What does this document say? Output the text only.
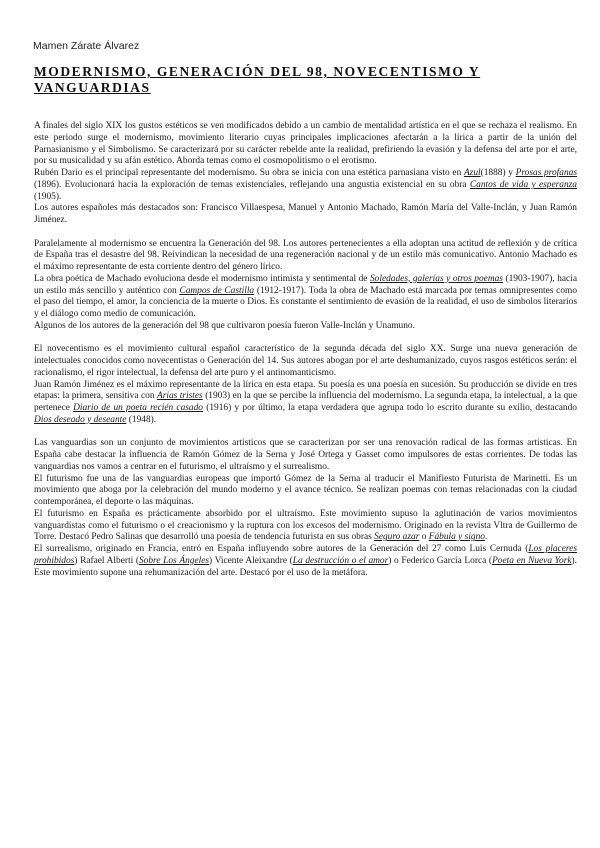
Mamen Zárate Álvarez
MODERNISMO, GENERACIÓN DEL 98, NOVECENTISMO Y VANGUARDIAS

A finales del siglo XIX los gustos estéticos se ven modificados debido a un cambio de mentalidad artística en el que se rechaza el realismo. En este periodo surge el modernismo, movimiento literario cuyas principales implicaciones afectarán a la lírica a partir de la unión del Parnasianismo y el Simbolismo. Se caracterizará por su carácter rebelde ante la realidad, prefiriendo la evasión y la defensa del arte por el arte, por su musicalidad y su afán estético. Aborda temas como el cosmopolitismo o el erotismo.

Rubén Darío es el principal representante del modernismo. Su obra se inicia con una estética parnasiana visto en Azul(1888) y Prosas profanas (1896). Evolucionará hacia la exploración de temas existenciales, reflejando una angustia existencial en su obra Cantos de vida y esperanza (1905).

Los autores españoles más destacados son: Francisco Villaespesa, Manuel y Antonio Machado, Ramón María del Valle-Inclán, y Juan Ramón Jiménez.

Paralelamente al modernismo se encuentra la Generación del 98. Los autores pertenecientes a ella adoptan una actitud de reflexión y de crítica de España tras el desastre del 98. Reivindican la necesidad de una regeneración nacional y de un estilo más comunicativo. Antonio Machado es el máximo representante de esta corriente dentro del género lírico.

La obra poética de Machado evoluciona desde el modernismo intimista y sentimental de Soledades, galerías y otros poemas (1903-1907), hacia un estilo más sencillo y auténtico con Campos de Castilla (1912-1917). Toda la obra de Machado está marcada por temas omnipresentes como el paso del tiempo, el amor, la conciencia de la muerte o Dios. Es constante el sentimiento de evasión de la realidad, el uso de símbolos literarios y el diálogo como medio de comunicación.

Algunos de los autores de la generación del 98 que cultivaron poesía fueron Valle-Inclán y Unamuno.

El novecentismo es el movimiento cultural español característico de la segunda década del siglo XX. Surge una nueva generación de intelectuales conocidos como novecentistas o Generación del 14. Sus autores abogan por el arte deshumanizado, cuyos rasgos estéticos serán: el racionalismo, el rigor intelectual, la defensa del arte puro y el antinomanticismo.

Juan Ramón Jiménez es el máximo representante de la lírica en esta etapa. Su poesía es una poesía en sucesión. Su producción se divide en tres etapas: la primera, sensitiva con Arias tristes (1903) en la que se percibe la influencia del modernismo. La segunda etapa, la intelectual, a la que pertenece Diario de un poeta recién casado (1916) y por último, la etapa verdadera que agrupa todo lo escrito durante su exilio, destacando Dios deseado y deseante (1948).

Las vanguardias son un conjunto de movimientos artísticos que se caracterizan por ser una renovación radical de las formas artísticas. En España cabe destacar la influencia de Ramón Gómez de la Serna y José Ortega y Gasset como impulsores de estas corrientes. De todas las vanguardias nos vamos a centrar en el futurismo, el ultraísmo y el surrealismo.

El futurismo fue una de las vanguardias europeas que importó Gómez de la Serna al traducir el Manifiesto Futurista de Marinetti. Es un movimiento que aboga por la celebración del mundo moderno y el avance técnico. Se realizan poemas con temas relacionadas con la ciudad contemporánea, el deporte o las máquinas.

El futurismo en España es prácticamente absorbido por el ultraísmo. Este movimiento supuso la aglutinación de varios movimientos vanguardistas como el futurismo o el creacionismo y la ruptura con los excesos del modernismo. Originado en la revista Vltra de Guillermo de Torre. Destacó Pedro Salinas que desarrolló una poesía de tendencia futurista en sus obras Seguro azar o Fábula y signo.

El surrealismo, originado en Francia, entró en España influyendo sobre autores de la Generación del 27 como Luis Cernuda (Los placeres prohibidos) Rafael Alberti (Sobre Los Ángeles) Vicente Aleixandre (La destrucción o el amor) o Federico García Lorca (Poeta en Nueva York). Este movimiento supone una rehumanización del arte. Destacó por el uso de la metáfora.
